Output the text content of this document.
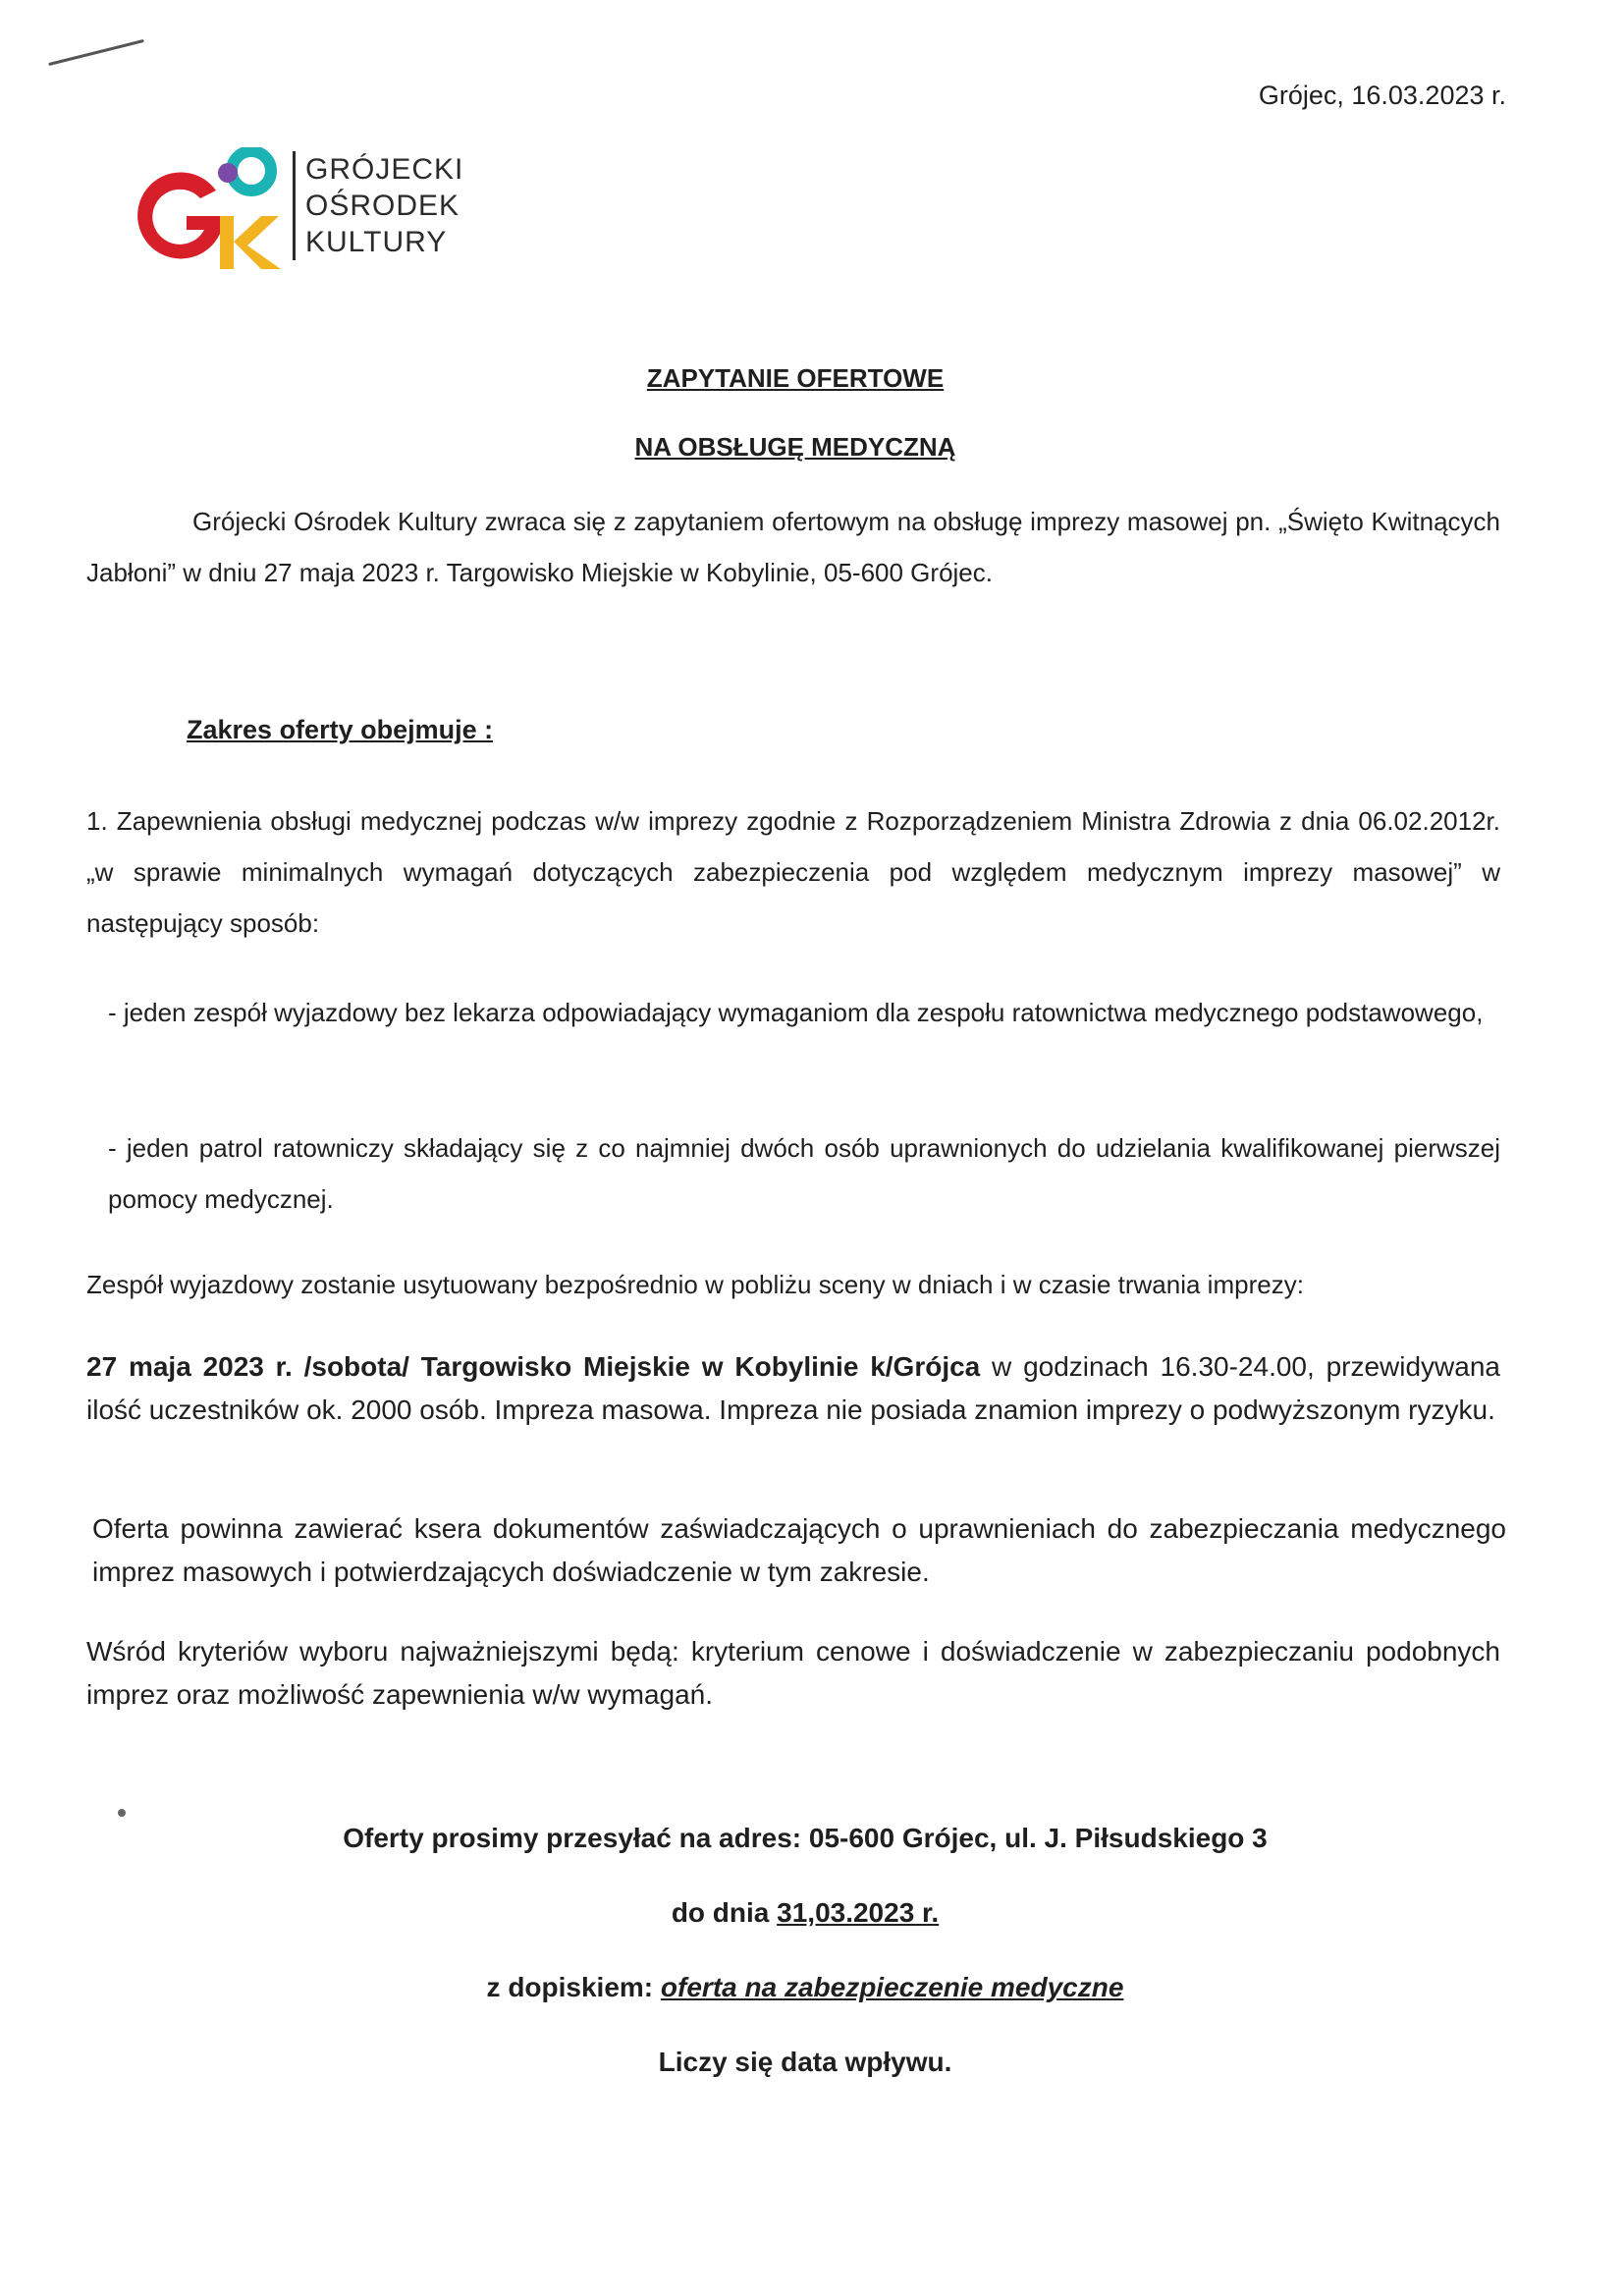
Grójec, 16.03.2023 r.
GRÓJECKI
OŚRODEK
KULTURY
ZAPYTANIE OFERTOWE
NA OBSŁUGĘ MEDYCZNĄ
Grójecki Ośrodek Kultury zwraca się z zapytaniem ofertowym na obsługę imprezy masowej pn. „Święto Kwitnących Jabłoni” w dniu 27 maja 2023 r. Targowisko Miejskie w Kobylinie, 05-600 Grójec.
Zakres oferty obejmuje :
1. Zapewnienia obsługi medycznej podczas w/w imprezy zgodnie z Rozporządzeniem Ministra Zdrowia z dnia 06.02.2012r. „w sprawie minimalnych wymagań dotyczących zabezpieczenia pod względem medycznym imprezy masowej” w następujący sposób:
- jeden zespół wyjazdowy bez lekarza odpowiadający wymaganiom dla zespołu ratownictwa medycznego podstawowego,
- jeden patrol ratowniczy składający się z co najmniej dwóch osób uprawnionych do udzielania kwalifikowanej pierwszej pomocy medycznej.
Zespół wyjazdowy zostanie usytuowany bezpośrednio w pobliżu sceny w dniach i w czasie trwania imprezy:
27 maja 2023 r. /sobota/ Targowisko Miejskie w Kobylinie k/Grójca w godzinach 16.30-24.00, przewidywana ilość uczestników ok. 2000 osób. Impreza masowa. Impreza nie posiada znamion imprezy o podwyższonym ryzyku.
Oferta powinna zawierać ksera dokumentów zaświadczających o uprawnieniach do zabezpieczania medycznego imprez masowych i potwierdzających doświadczenie w tym zakresie.
Wśród kryteriów wyboru najważniejszymi będą: kryterium cenowe i doświadczenie w zabezpieczaniu podobnych imprez oraz możliwość zapewnienia w/w wymagań.
Oferty prosimy przesyłać na adres: 05-600 Grójec, ul. J. Piłsudskiego 3
do dnia 31,03.2023 r.
z dopiskiem: oferta na zabezpieczenie medyczne
Liczy się data wpływu.
